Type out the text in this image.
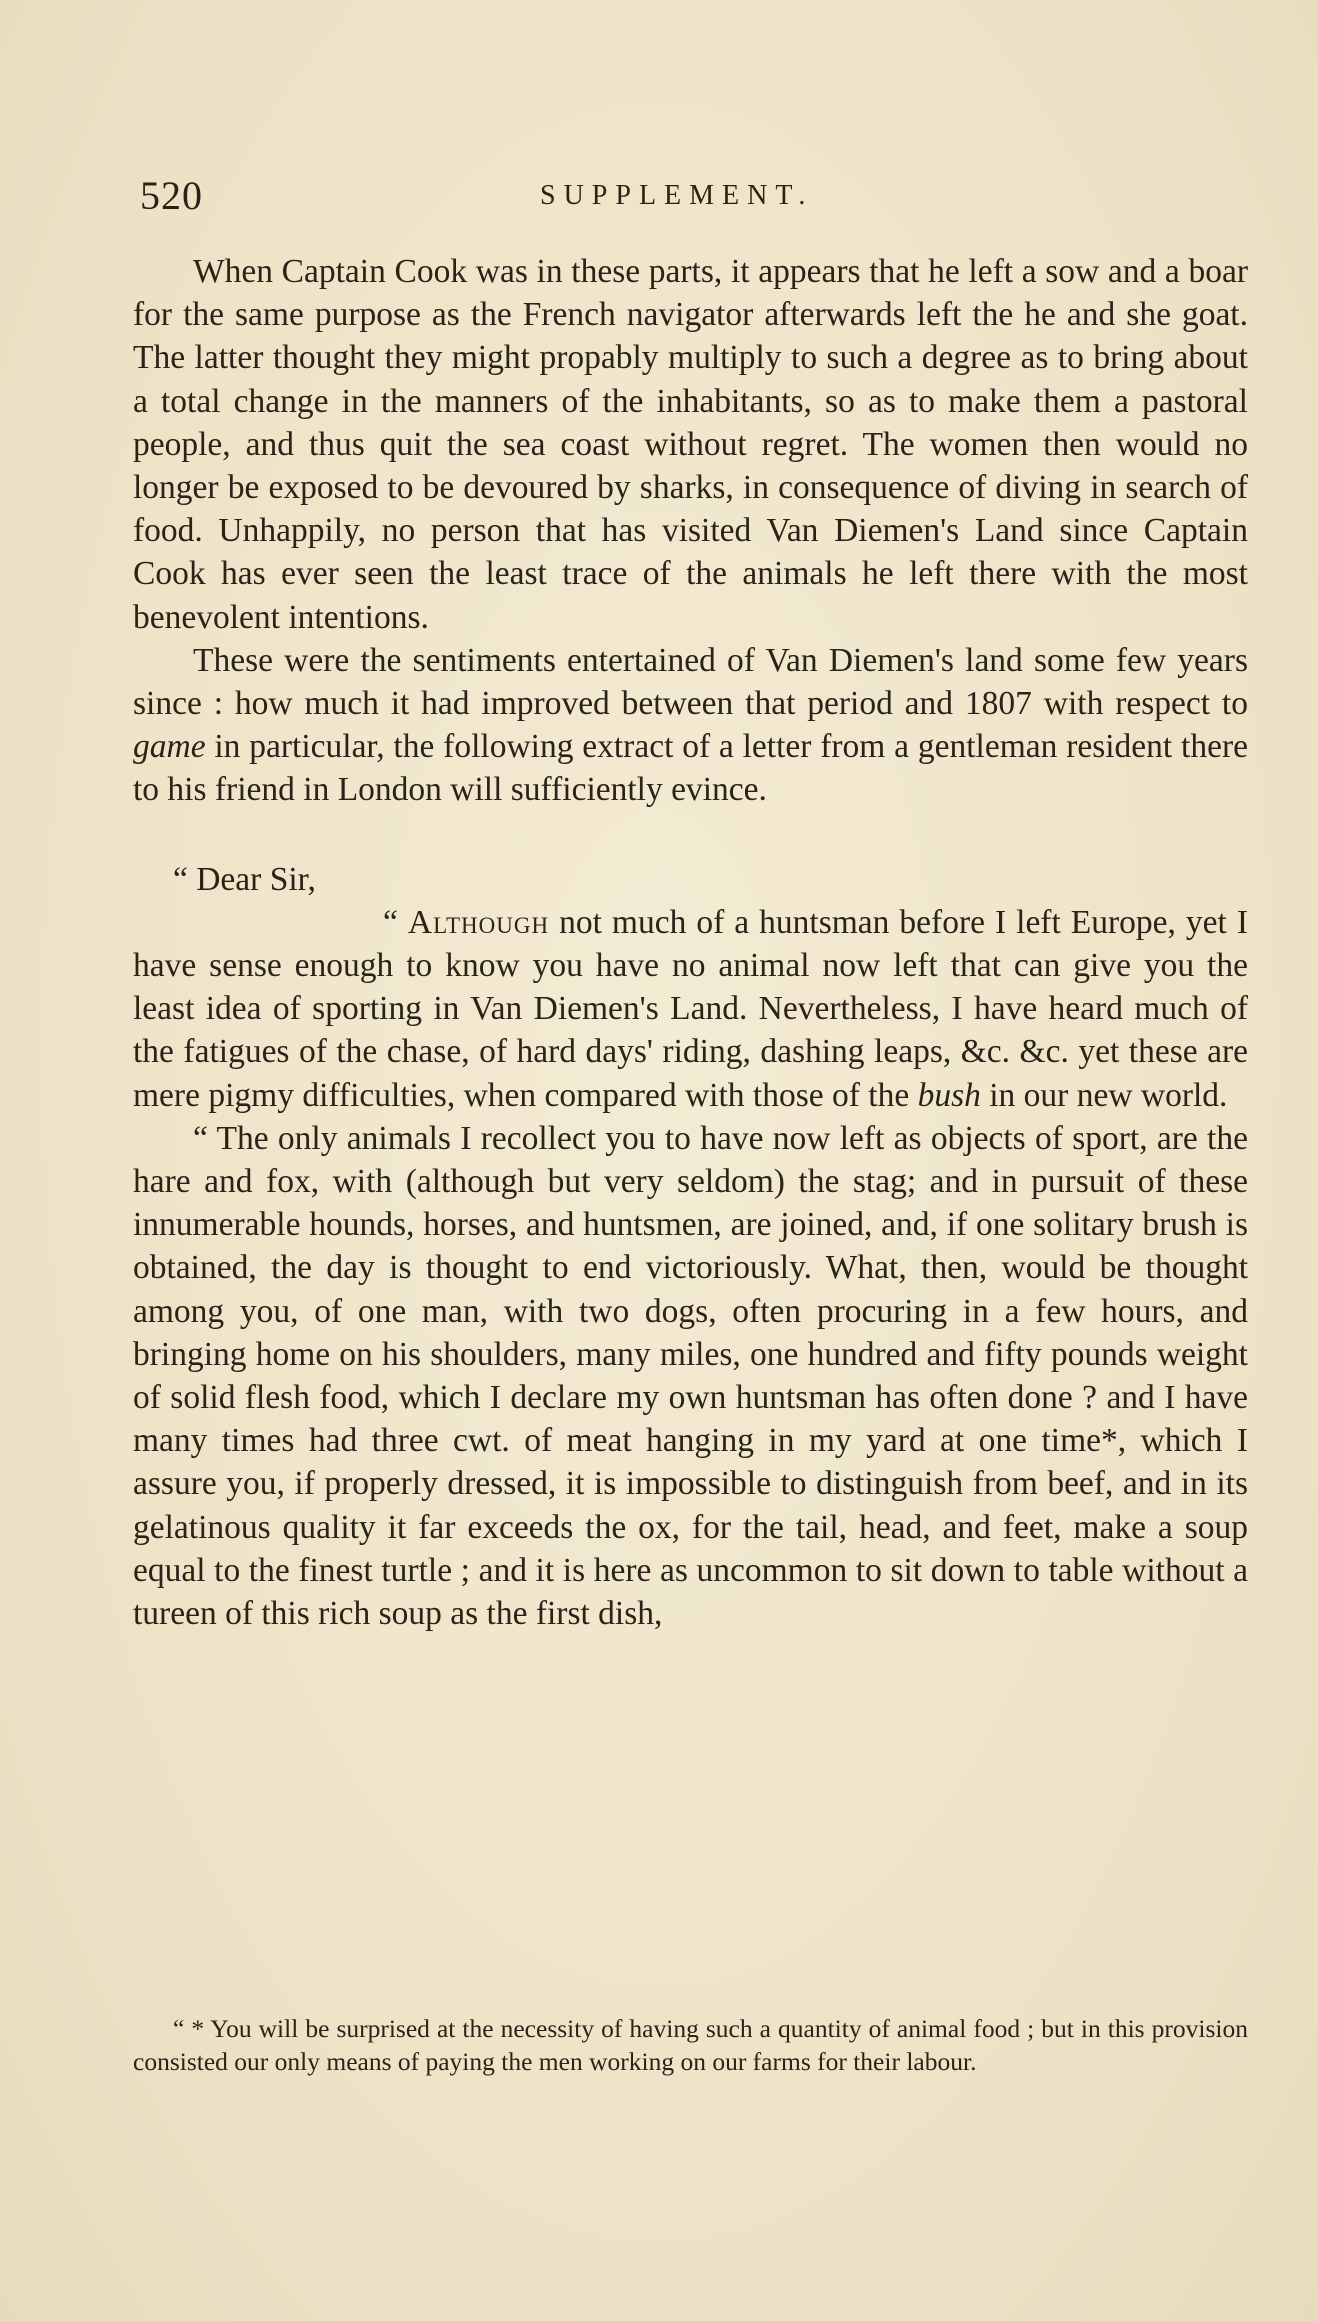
520	SUPPLEMENT.

When Captain Cook was in these parts, it appears that he left a sow and a boar for the same purpose as the French navigator afterwards left the he and she goat. The latter thought they might propably multiply to such a degree as to bring about a total change in the manners of the inhabitants, so as to make them a pastoral people, and thus quit the sea coast without regret. The women then would no longer be exposed to be devoured by sharks, in consequence of diving in search of food. Unhappily, no person that has visited Van Diemen's Land since Captain Cook has ever seen the least trace of the animals he left there with the most benevolent intentions.

These were the sentiments entertained of Van Diemen's land some few years since : how much it had improved between that period and 1807 with respect to game in particular, the following extract of a letter from a gentleman resident there to his friend in London will sufficiently evince.

“ Dear Sir,

“ Although not much of a huntsman before I left Europe, yet I have sense enough to know you have no animal now left that can give you the least idea of sporting in Van Diemen's Land. Nevertheless, I have heard much of the fatigues of the chase, of hard days' riding, dashing leaps, &c. &c. yet these are mere pigmy difficulties, when compared with those of the bush in our new world.

“ The only animals I recollect you to have now left as objects of sport, are the hare and fox, with (although but very seldom) the stag; and in pursuit of these innumerable hounds, horses, and huntsmen, are joined, and, if one solitary brush is obtained, the day is thought to end victoriously. What, then, would be thought among you, of one man, with two dogs, often procuring in a few hours, and bringing home on his shoulders, many miles, one hundred and fifty pounds weight of solid flesh food, which I declare my own huntsman has often done ? and I have many times had three cwt. of meat hanging in my yard at one time*, which I assure you, if properly dressed, it is impossible to distinguish from beef, and in its gelatinous quality it far exceeds the ox, for the tail, head, and feet, make a soup equal to the finest turtle ; and it is here as uncommon to sit down to table without a tureen of this rich soup as the first dish,

“ * You will be surprised at the necessity of having such a quantity of animal food ; but in this provision consisted our only means of paying the men working on our farms for their labour.
